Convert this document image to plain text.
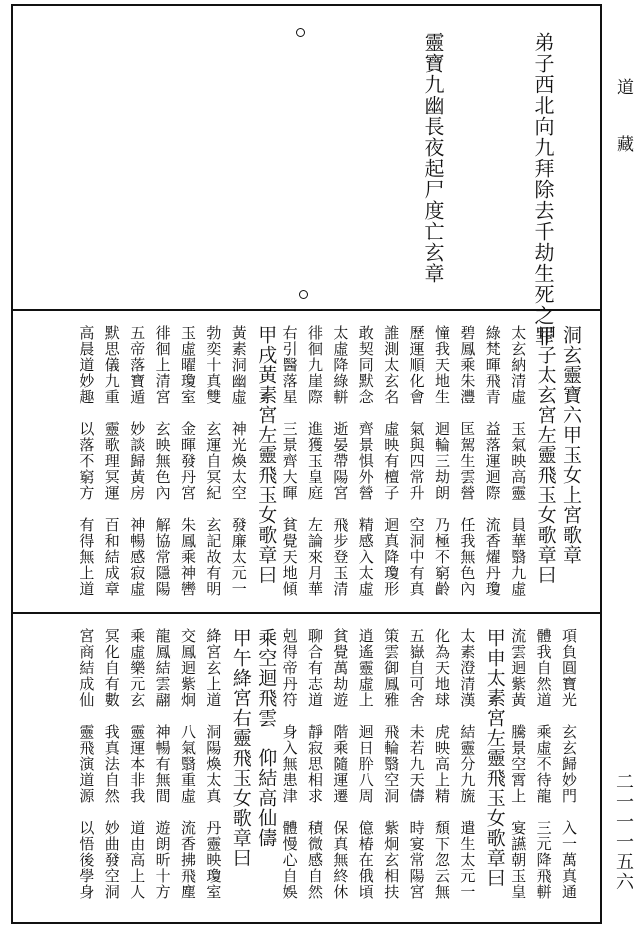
道藏
二一一一五六
弟子西北向九拜除去千劫生死之罪
靈寶九幽長夜起尸度亡玄章
洞玄靈寶六甲玉女上宮歌章
甲子太玄宮左靈飛玉女歌章曰
太玄納清虛　玉氣映高靈　員華翳九虛
綠梵暉飛青　益落運迴際　流香燿丹瓊
碧鳳乘朱灃　匡駕生雲營　任我無色內
憧我天地生　迴輪三劫朗　乃極不窮齡
歷運順化會　氣與四常升　空洞中有真
誰測太玄名　虛映有檀子　迴真降瓊形
敢契同默念　齊景惧外營　精感入太虛
太虛降綠軿　逝晏帶陽宮　飛步登玉清
徘徊九崖際　進獲玉皇庭　左論來月華
右引醫落星　三景齊大暉　貧覺天地傾
甲戌黃素宮左靈飛玉女歌章曰
黃素洞幽虛　神光煥太空　發廉太元一
勃奕十真雙　玄運自冥紀　玄記故有明
玉虛曜瓊室　金暉發丹宮　朱鳳乘神轡
徘徊上清宮　玄映無色內　解協常隱陽
五帝落寶遁　妙談歸黃房　神暢感寂虛
默思儀九重　靈歌理冥運　百和結成章
高晨道妙趣　以落不窮方　有得無上道
項負圓寶光　玄玄歸妙門　入一萬真通
體我自然道　乘虛不待龍　三元降飛軿
流雲迴紫黃　騰景空霄上　宴讌朝玉皇
甲申太素宮左靈飛玉女歌章曰
太素澄清漢　結靈分九旒　遣生太元一
化為天地球　虎映高上精　頹下忽云無
五嶽自可舍　未若九天儔　時宴常陽宮
策雲御鳳雅　飛輪翳空洞　紫炯玄相扶
逍遙靈虛上　迴日肸八周　億椿在俄頃
貧覺萬劫遊　階乘隨運遷　保真無終休
聊合有志道　靜寂思相求　積微感自然
剋得帝丹符　身入無患津　體慢心自娛
乘空迴飛雲　仰結高仙儔
甲午絳宮右靈飛玉女歌章曰
絳宮玄上道　洞陽煥太真　丹靈映瓊室
交鳳迴紫炯　八氣翳重虛　流香拂飛塵
龍鳳結雲翮　神暢有無間　遊朗昕十方
乘虛樂元玄　靈運本非我　道由高上人
冥化自有數　我真法自然　妙曲發空洞
宮商結成仙　靈飛演道源　以悟後學身
